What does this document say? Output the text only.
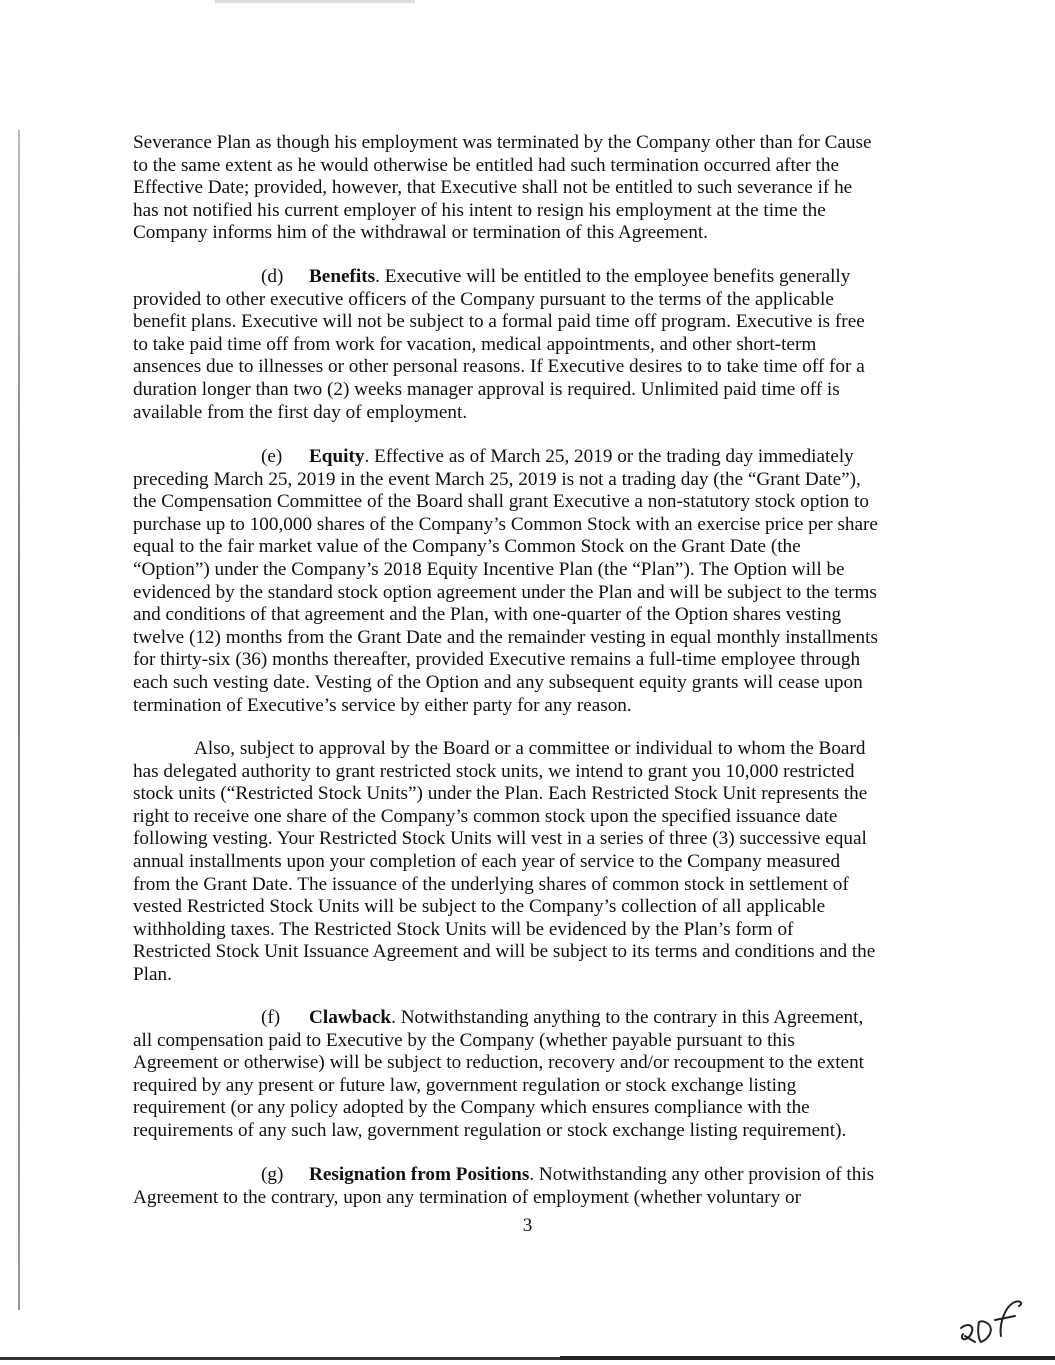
Severance Plan as though his employment was terminated by the Company other than for Cause
to the same extent as he would otherwise be entitled had such termination occurred after the
Effective Date; provided, however, that Executive shall not be entitled to such severance if he
has not notified his current employer of his intent to resign his employment at the time the
Company informs him of the withdrawal or termination of this Agreement.

(d) Benefits. Executive will be entitled to the employee benefits generally
provided to other executive officers of the Company pursuant to the terms of the applicable
benefit plans. Executive will not be subject to a formal paid time off program. Executive is free
to take paid time off from work for vacation, medical appointments, and other short-term
ansences due to illnesses or other personal reasons. If Executive desires to to take time off for a
duration longer than two (2) weeks manager approval is required. Unlimited paid time off is
available from the first day of employment.

(e) Equity. Effective as of March 25, 2019 or the trading day immediately
preceding March 25, 2019 in the event March 25, 2019 is not a trading day (the “Grant Date”),
the Compensation Committee of the Board shall grant Executive a non-statutory stock option to
purchase up to 100,000 shares of the Company’s Common Stock with an exercise price per share
equal to the fair market value of the Company’s Common Stock on the Grant Date (the
“Option”) under the Company’s 2018 Equity Incentive Plan (the “Plan”). The Option will be
evidenced by the standard stock option agreement under the Plan and will be subject to the terms
and conditions of that agreement and the Plan, with one-quarter of the Option shares vesting
twelve (12) months from the Grant Date and the remainder vesting in equal monthly installments
for thirty-six (36) months thereafter, provided Executive remains a full-time employee through
each such vesting date. Vesting of the Option and any subsequent equity grants will cease upon
termination of Executive’s service by either party for any reason.

Also, subject to approval by the Board or a committee or individual to whom the Board
has delegated authority to grant restricted stock units, we intend to grant you 10,000 restricted
stock units (“Restricted Stock Units”) under the Plan. Each Restricted Stock Unit represents the
right to receive one share of the Company’s common stock upon the specified issuance date
following vesting. Your Restricted Stock Units will vest in a series of three (3) successive equal
annual installments upon your completion of each year of service to the Company measured
from the Grant Date. The issuance of the underlying shares of common stock in settlement of
vested Restricted Stock Units will be subject to the Company’s collection of all applicable
withholding taxes. The Restricted Stock Units will be evidenced by the Plan’s form of
Restricted Stock Unit Issuance Agreement and will be subject to its terms and conditions and the
Plan.

(f) Clawback. Notwithstanding anything to the contrary in this Agreement,
all compensation paid to Executive by the Company (whether payable pursuant to this
Agreement or otherwise) will be subject to reduction, recovery and/or recoupment to the extent
required by any present or future law, government regulation or stock exchange listing
requirement (or any policy adopted by the Company which ensures compliance with the
requirements of any such law, government regulation or stock exchange listing requirement).

(g) Resignation from Positions. Notwithstanding any other provision of this
Agreement to the contrary, upon any termination of employment (whether voluntary or

3
